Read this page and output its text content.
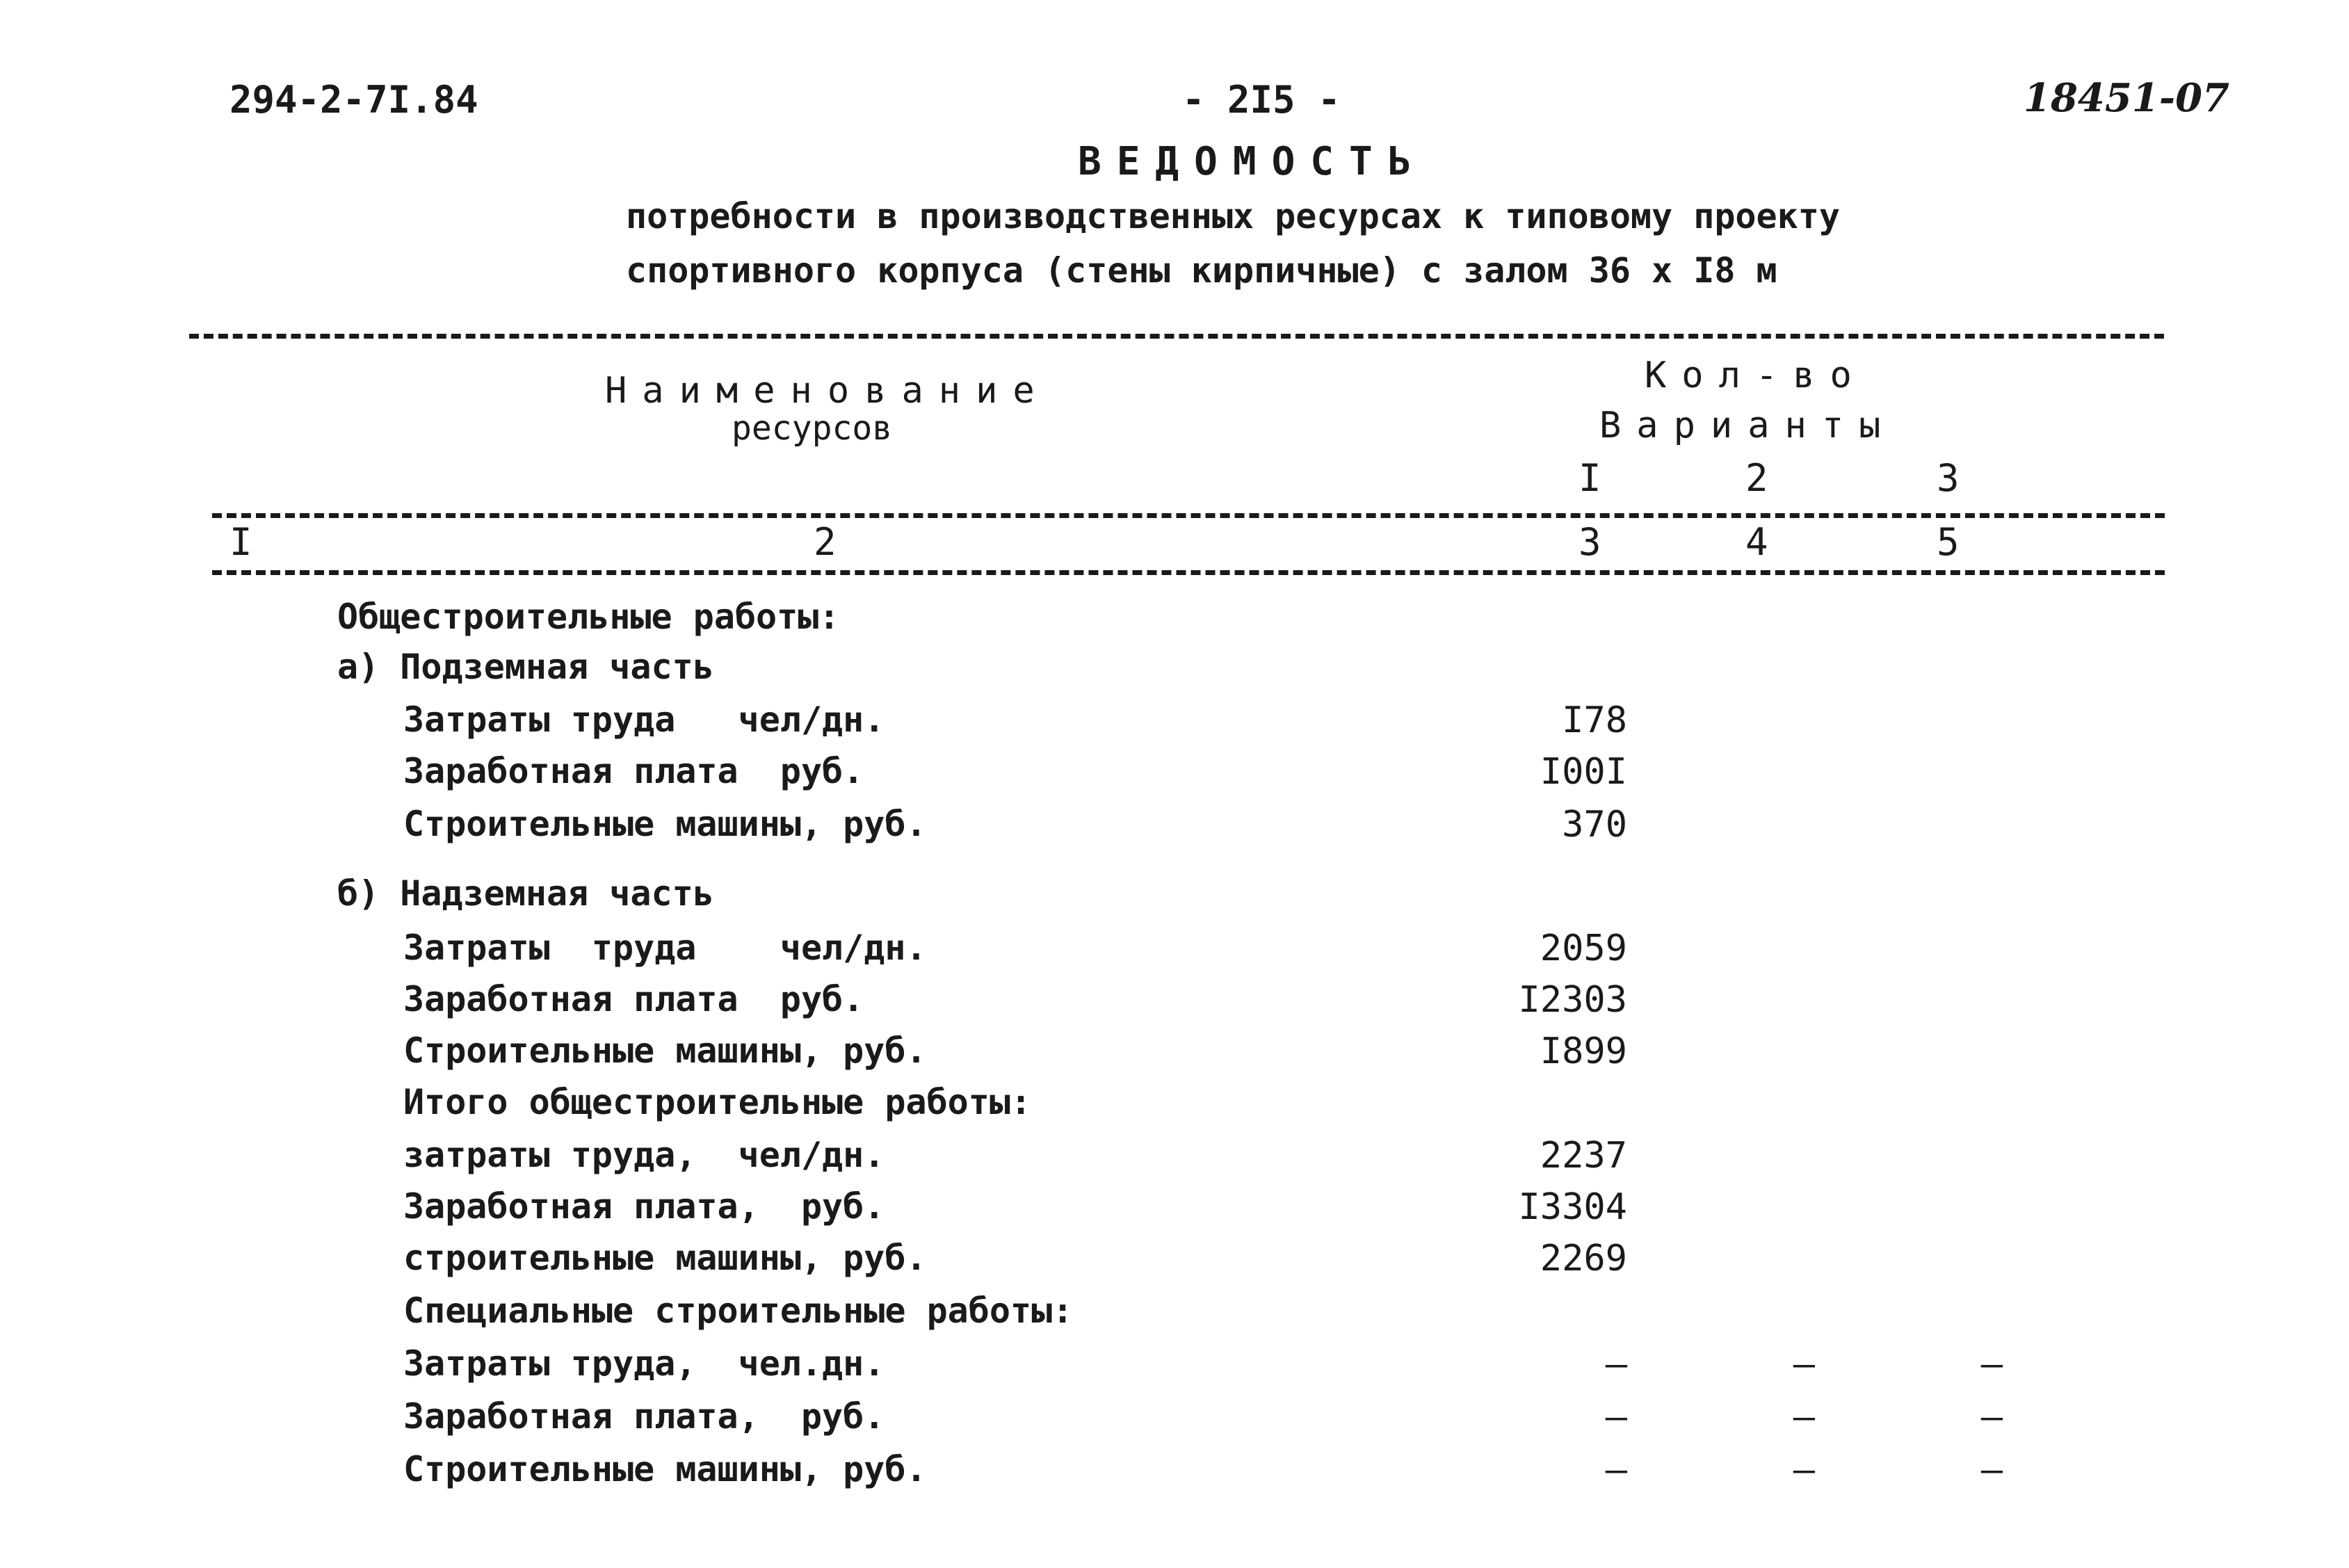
294-2-7I.84	- 2I5 -	18451-07
ВЕДОМОСТЬ
потребности в производственных ресурсах к типовому проекту
спортивного корпуса (стены кирпичные) с залом 36 х I8 м
Наименование
ресурсов
Кол-во
Варианты
I	2	3
I	2	3	4	5
Общестроительные работы:
а) Подземная часть
Затраты труда   чел/дн.	I78
Заработная плата  руб.	I00I
Строительные машины, руб.	370
б) Надземная часть
Затраты  труда    чел/дн.	2059
Заработная плата  руб.	I2303
Строительные машины, руб.	I899
Итого общестроительные работы:
затраты труда,  чел/дн.	2237
Заработная плата,  руб.	I3304
строительные машины, руб.	2269
Специальные строительные работы:
Затраты труда,  чел.дн.	–	–	–
Заработная плата,  руб.	–	–	–
Строительные машины, руб.	–	–	–
